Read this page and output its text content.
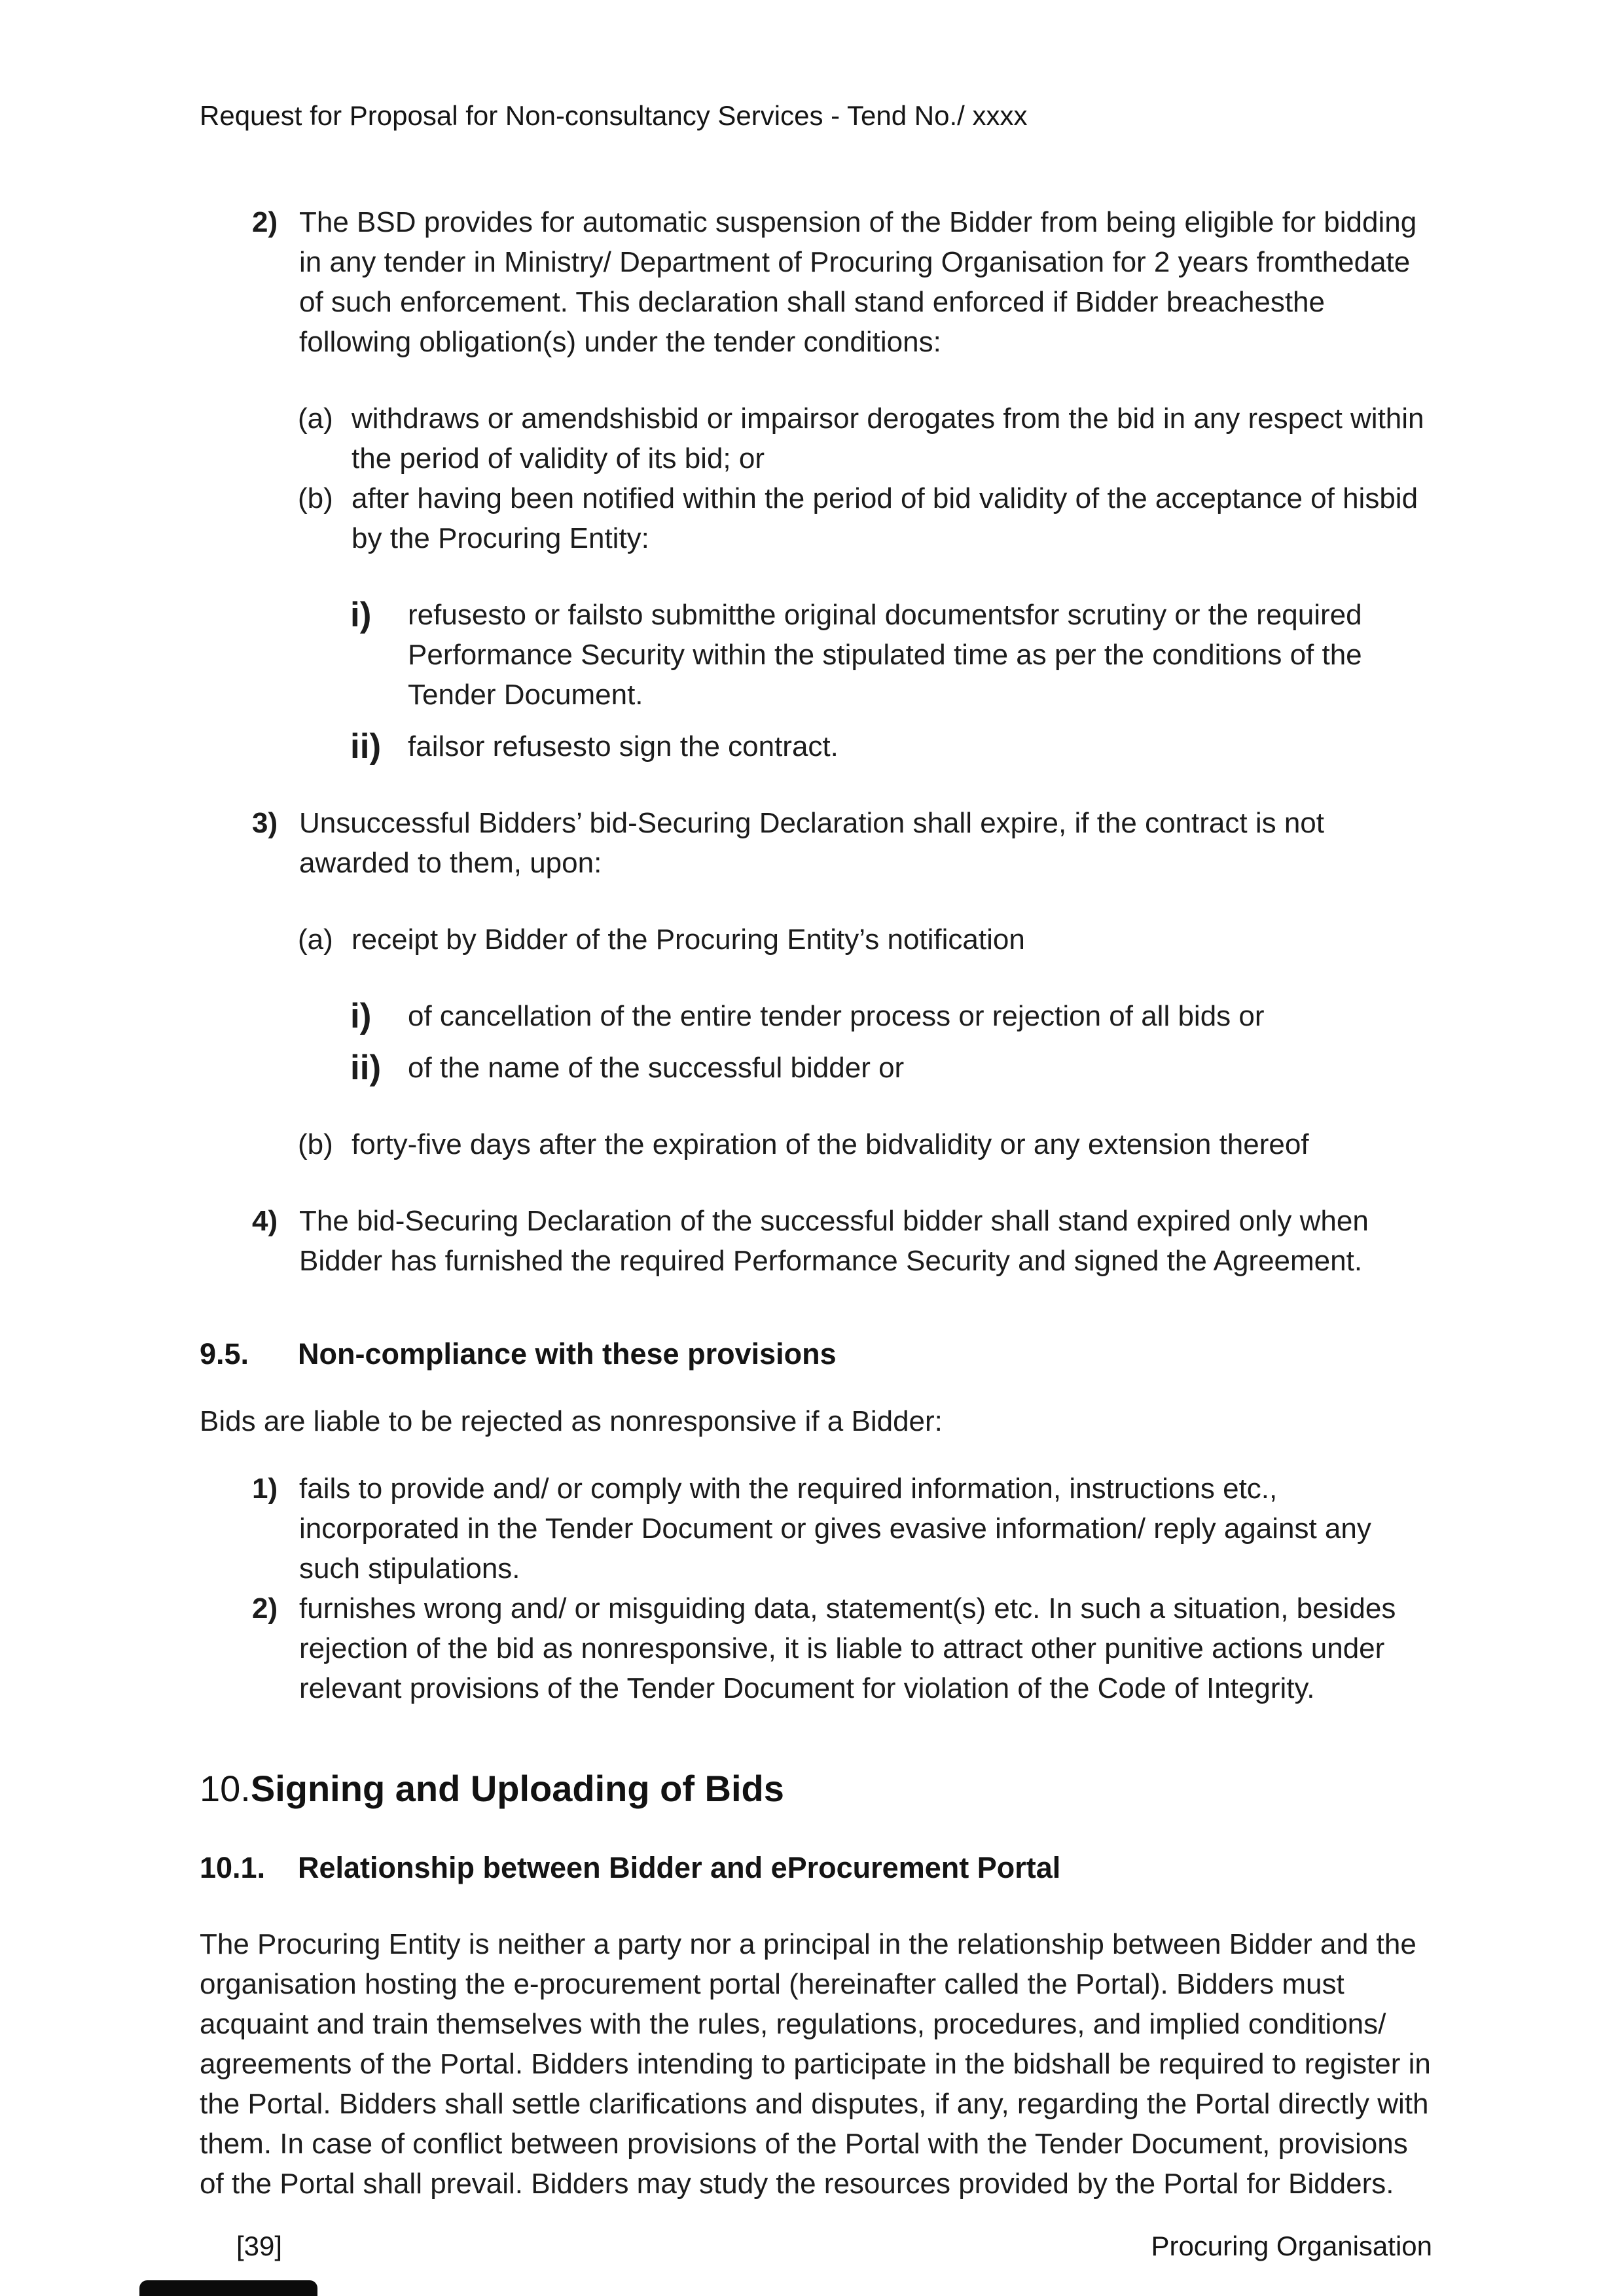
Request for Proposal for Non-consultancy Services - Tend No./ xxxx
2) The BSD provides for automatic suspension of the Bidder from being eligible for bidding in any tender in Ministry/ Department of Procuring Organisation for 2 years fromthedate of such enforcement. This declaration shall stand enforced if Bidder breachesthe following obligation(s) under the tender conditions:
(a) withdraws or amendshisbid or impairsor derogates from the bid in any respect within the period of validity of its bid; or
(b) after having been notified within the period of bid validity of the acceptance of hisbid by the Procuring Entity:
i)	refusesto or failsto submitthe original documentsfor scrutiny or the required Performance Security within the stipulated time as per the conditions of the Tender Document.
ii) failsor refusesto sign the contract.
3) Unsuccessful Bidders’ bid-Securing Declaration shall expire, if the contract is not awarded to them, upon:
(a) receipt by Bidder of the Procuring Entity’s notification
i)	of cancellation of the entire tender process or rejection of all bids or
ii) of the name of the successful bidder or
(b) forty-five days after the expiration of the bidvalidity or any extension thereof
4) The bid-Securing Declaration of the successful bidder shall stand expired only when Bidder has furnished the required Performance Security and signed the Agreement.
9.5.	Non-compliance with these provisions
Bids are liable to be rejected as nonresponsive if a Bidder:
1) fails to provide and/ or comply with the required information, instructions etc., incorporated in the Tender Document or gives evasive information/ reply against any such stipulations.
2) furnishes wrong and/ or misguiding data, statement(s) etc. In such a situation, besides rejection of the bid as nonresponsive, it is liable to attract other punitive actions under relevant provisions of the Tender Document for violation of the Code of Integrity.
10.Signing and Uploading of Bids
10.1.	Relationship between Bidder and eProcurement Portal
The Procuring Entity is neither a party nor a principal in the relationship between Bidder and the organisation hosting the e-procurement portal (hereinafter called the Portal). Bidders must acquaint and train themselves with the rules, regulations, procedures, and implied conditions/ agreements of the Portal. Bidders intending to participate in the bidshall be required to register in the Portal. Bidders shall settle clarifications and disputes, if any, regarding the Portal directly with them. In case of conflict between provisions of the Portal with the Tender Document, provisions of the Portal shall prevail. Bidders may study the resources provided by the Portal for Bidders.
[39]	Procuring Organisation
